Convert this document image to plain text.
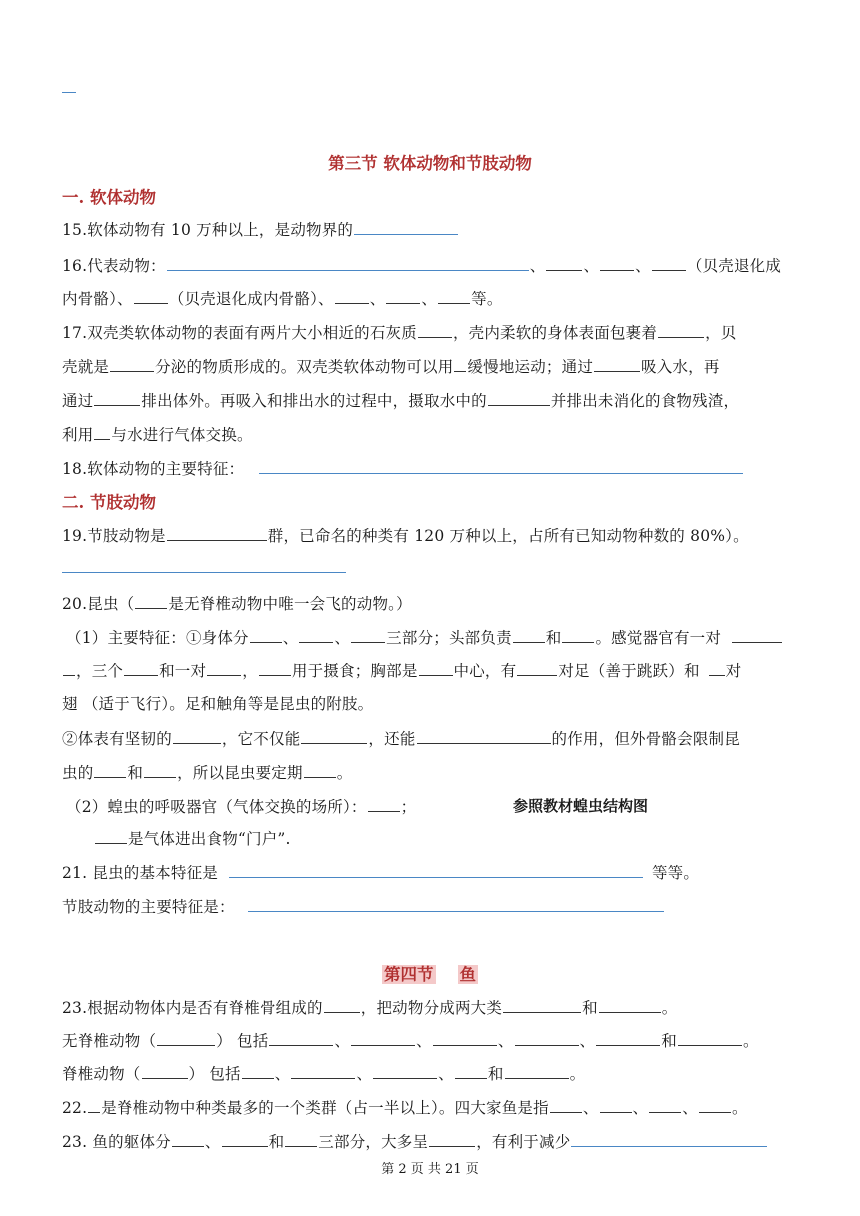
第三节 软体动物和节肢动物
一. 软体动物
15.软体动物有 10 万种以上，是动物界的
16.代表动物：	、 、 、 （贝壳退化成
内骨骼）、 （贝壳退化成内骨骼）、 、 、 等。
17.双壳类软体动物的表面有两片大小相近的石灰质 ，壳内柔软的身体表面包裹着	，贝
壳就是	分泌的物质形成的。双壳类软体动物可以用 缓慢地运动；通过	吸入水，再
通过	排出体外。再吸入和排出水的过程中，摄取水中的	并排出未消化的食物残渣，
利用 与水进行气体交换。
18.软体动物的主要特征：
二. 节肢动物
19.节肢动物是	群，已命名的种类有 120 万种以上，占所有已知动物种数的 80%）。
20.昆虫（ 是无脊椎动物中唯一会飞的动物。）
（1）主要特征：①身体分 、 、 三部分；头部负责 和 。感觉器官有一对
，三个 和一对 ， 用于摄食；胸部是 中心，有	对足（善于跳跃）和 对
翅 （适于飞行）。足和触角等是昆虫的附肢。
②体表有坚韧的	，它不仅能	，还能	的作用，但外骨骼会限制昆
虫的 和 ，所以昆虫要定期 。
（2）蝗虫的呼吸器官（气体交换的场所）： ；	参照教材蝗虫结构图
是气体进出食物“门户”.
21. 昆虫的基本特征是	等等。
节肢动物的主要特征是：
第四节 鱼
23.根据动物体内是否有脊椎骨组成的 ，把动物分成两大类	和	。
无脊椎动物（	） 包括	、	、	、	、	和	。
脊椎动物（	） 包括 、	、	、 和	。
22. 是脊椎动物中种类最多的一个类群（占一半以上）。四大家鱼是指 、 、 、 。
23. 鱼的躯体分 、	和 三部分，大多呈	，有利于减少
第 2 页 共 21 页
